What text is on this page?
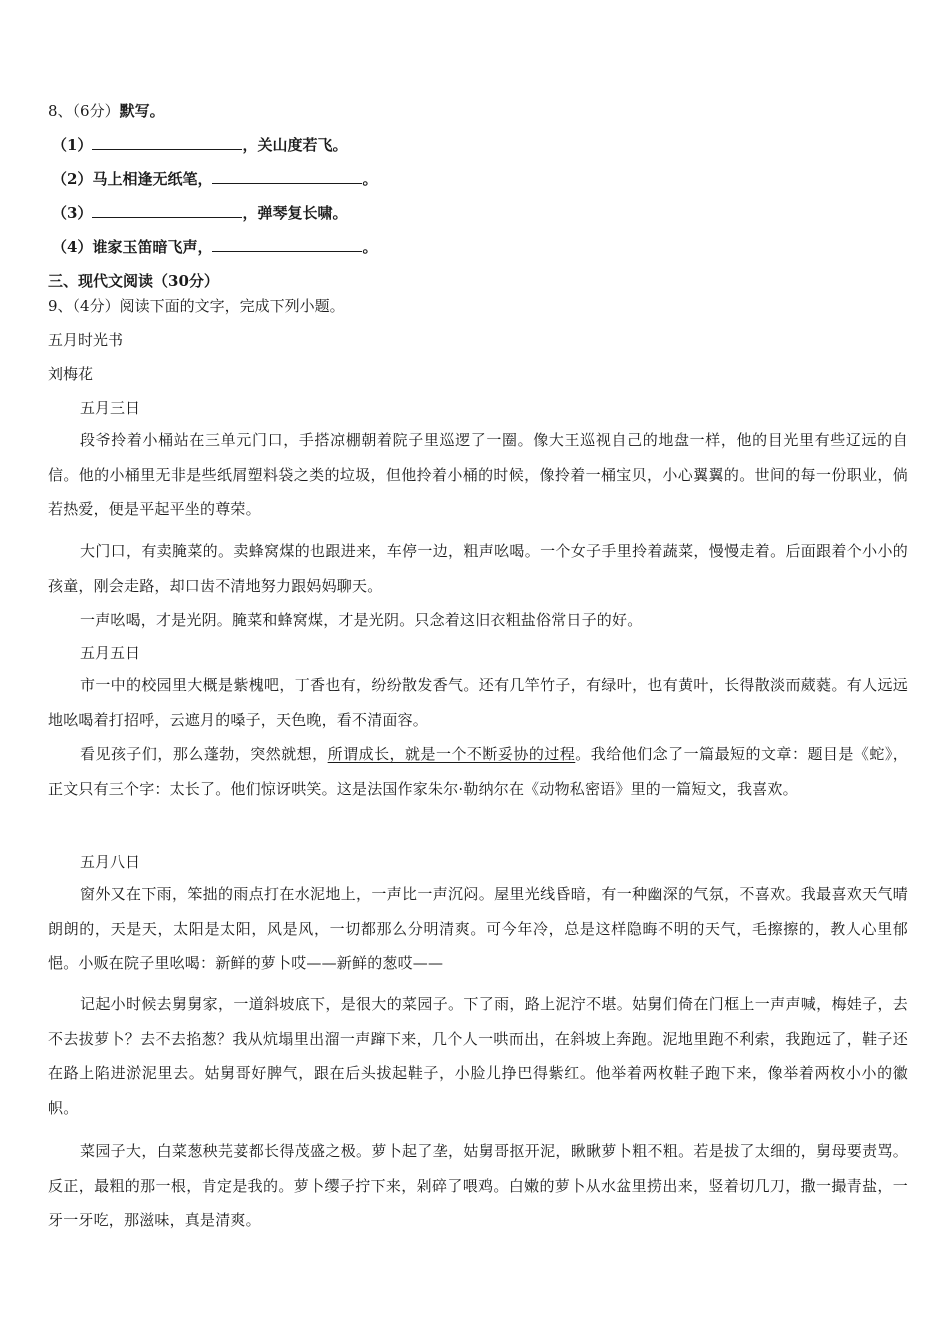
8、（6分）默写。
（1）	，关山度若飞。
（2）马上相逢无纸笔，	。
（3）	，弹琴复长啸。
（4）谁家玉笛暗飞声，	。
三、现代文阅读（30分）
9、（4分）阅读下面的文字，完成下列小题。
五月时光书
刘梅花
五月三日
段爷拎着小桶站在三单元门口，手搭凉棚朝着院子里巡逻了一圈。像大王巡视自己的地盘一样，他的目光里有些辽远的自信。他的小桶里无非是些纸屑塑料袋之类的垃圾，但他拎着小桶的时候，像拎着一桶宝贝，小心翼翼的。世间的每一份职业，倘若热爱，便是平起平坐的尊荣。
大门口，有卖腌菜的。卖蜂窝煤的也跟进来，车停一边，粗声吆喝。一个女子手里拎着蔬菜，慢慢走着。后面跟着个小小的孩童，刚会走路，却口齿不清地努力跟妈妈聊天。
一声吆喝，才是光阴。腌菜和蜂窝煤，才是光阴。只念着这旧衣粗盐俗常日子的好。
五月五日
市一中的校园里大概是紫槐吧，丁香也有，纷纷散发香气。还有几竿竹子，有绿叶，也有黄叶，长得散淡而葳蕤。有人远远地吆喝着打招呼，云遮月的嗓子，天色晚，看不清面容。
看见孩子们，那么蓬勃，突然就想，所谓成长，就是一个不断妥协的过程。我给他们念了一篇最短的文章：题目是《蛇》，正文只有三个字：太长了。他们惊讶哄笑。这是法国作家朱尔·勒纳尔在《动物私密语》里的一篇短文，我喜欢。
五月八日
窗外又在下雨，笨拙的雨点打在水泥地上，一声比一声沉闷。屋里光线昏暗，有一种幽深的气氛，不喜欢。我最喜欢天气晴朗朗的，天是天，太阳是太阳，风是风，一切都那么分明清爽。可今年冷，总是这样隐晦不明的天气，毛擦擦的，教人心里郁悒。小贩在院子里吆喝：新鲜的萝卜哎——新鲜的葱哎——
记起小时候去舅舅家，一道斜坡底下，是很大的菜园子。下了雨，路上泥泞不堪。姑舅们倚在门框上一声声喊，梅娃子，去不去拔萝卜？去不去掐葱？我从炕塌里出溜一声蹿下来，几个人一哄而出，在斜坡上奔跑。泥地里跑不利索，我跑远了，鞋子还在路上陷进淤泥里去。姑舅哥好脾气，跟在后头拔起鞋子，小脸儿挣巴得紫红。他举着两枚鞋子跑下来，像举着两枚小小的徽帜。
菜园子大，白菜葱秧芫荽都长得茂盛之极。萝卜起了垄，姑舅哥抠开泥，瞅瞅萝卜粗不粗。若是拔了太细的，舅母要责骂。反正，最粗的那一根，肯定是我的。萝卜缨子拧下来，剁碎了喂鸡。白嫩的萝卜从水盆里捞出来，竖着切几刀，撒一撮青盐，一牙一牙吃，那滋味，真是清爽。
